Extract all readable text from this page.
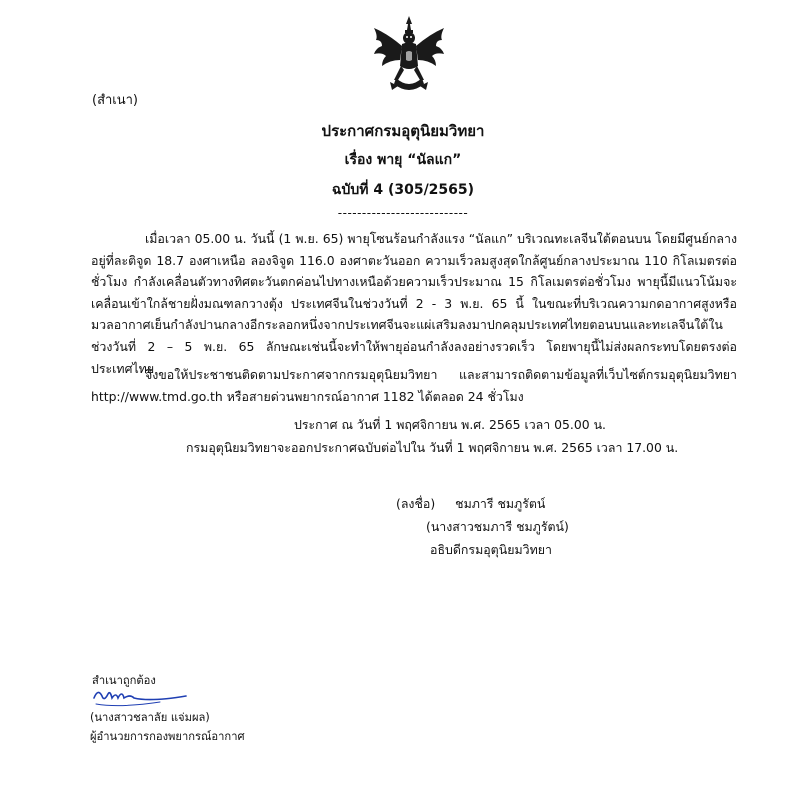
(สำเนา)
ประกาศกรมอุตุนิยมวิทยา
เรื่อง พายุ “นัลแก”
ฉบับที่ 4 (305/2565)
---------------------------
เมื่อเวลา 05.00 น. วันนี้ (1 พ.ย. 65) พายุโซนร้อนกำลังแรง “นัลแก” บริเวณทะเลจีนใต้ตอนบน โดยมีศูนย์กลางอยู่ที่ละติจูด 18.7 องศาเหนือ ลองจิจูด 116.0 องศาตะวันออก ความเร็วลมสูงสุดใกล้ศูนย์กลางประมาณ 110 กิโลเมตรต่อชั่วโมง กำลังเคลื่อนตัวทางทิศตะวันตกค่อนไปทางเหนือด้วยความเร็วประมาณ 15 กิโลเมตรต่อชั่วโมง พายุนี้มีแนวโน้มจะเคลื่อนเข้าใกล้ชายฝั่งมณฑลกวางตุ้ง ประเทศจีนในช่วงวันที่ 2 - 3 พ.ย. 65 นี้ ในขณะที่บริเวณความกดอากาศสูงหรือมวลอากาศเย็นกำลังปานกลางอีกระลอกหนึ่งจากประเทศจีนจะแผ่เสริมลงมาปกคลุมประเทศไทยตอนบนและทะเลจีนใต้ในช่วงวันที่ 2 – 5 พ.ย. 65 ลักษณะเช่นนี้จะทำให้พายุอ่อนกำลังลงอย่างรวดเร็ว โดยพายุนี้ไม่ส่งผลกระทบโดยตรงต่อประเทศไทย
จึงขอให้ประชาชนติดตามประกาศจากกรมอุตุนิยมวิทยา และสามารถติดตามข้อมูลที่เว็บไซต์กรมอุตุนิยมวิทยา http://www.tmd.go.th หรือสายด่วนพยากรณ์อากาศ 1182 ได้ตลอด 24 ชั่วโมง
ประกาศ ณ วันที่ 1 พฤศจิกายน พ.ศ. 2565 เวลา 05.00 น.
กรมอุตุนิยมวิทยาจะออกประกาศฉบับต่อไปใน วันที่ 1 พฤศจิกายน พ.ศ. 2565 เวลา 17.00 น.
(ลงชื่อ) ชมภารี ชมภูรัตน์
(นางสาวชมภารี ชมภูรัตน์)
อธิบดีกรมอุตุนิยมวิทยา
สำเนาถูกต้อง
(นางสาวชลาลัย แจ่มผล)
ผู้อำนวยการกองพยากรณ์อากาศ
